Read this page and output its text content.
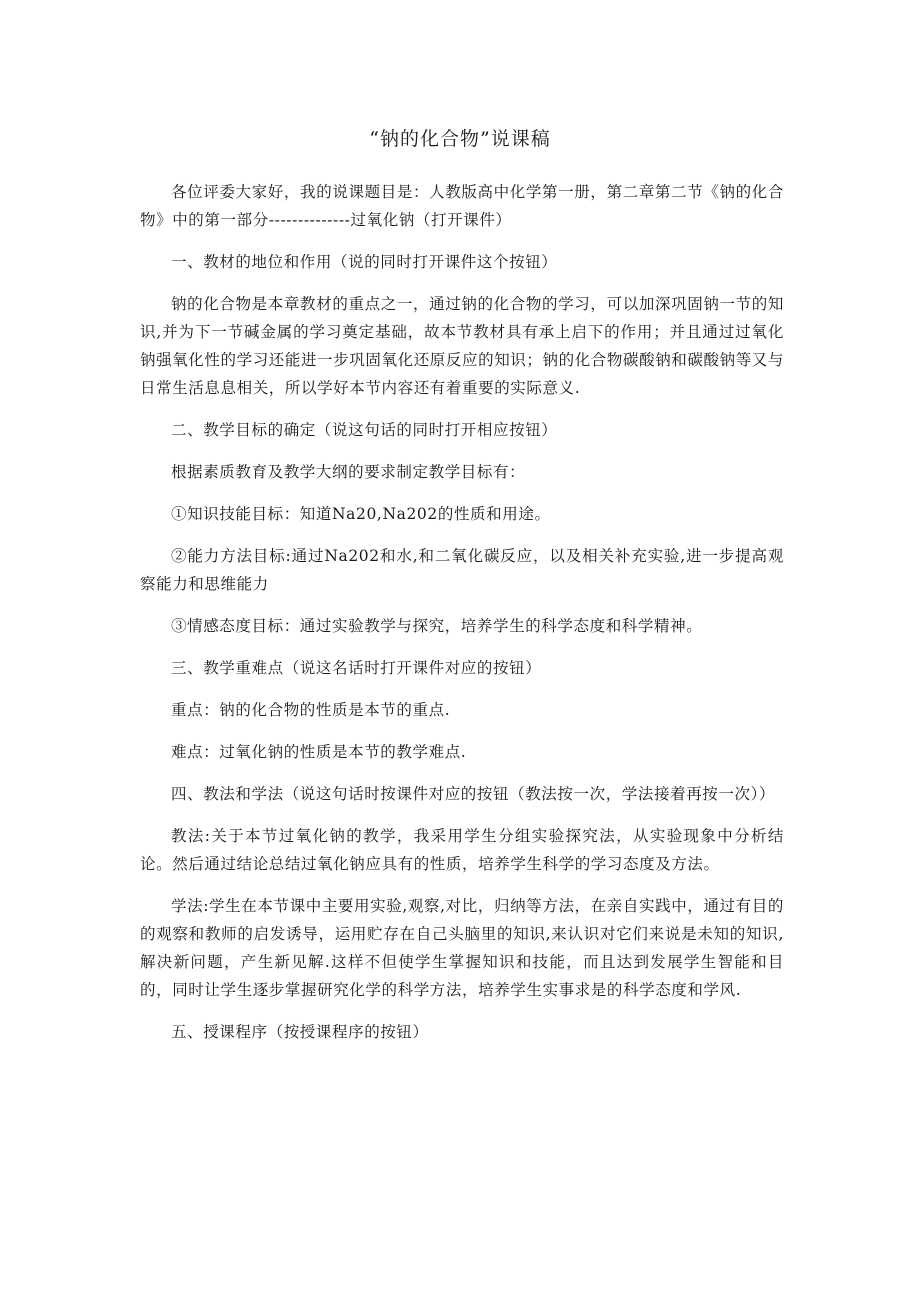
“钠的化合物”说课稿

各位评委大家好，我的说课题目是：人教版高中化学第一册，第二章第二节《钠的化合物》中的第一部分--------------过氧化钠（打开课件）

一、教材的地位和作用（说的同时打开课件这个按钮）

钠的化合物是本章教材的重点之一，通过钠的化合物的学习，可以加深巩固钠一节的知识,并为下一节碱金属的学习奠定基础，故本节教材具有承上启下的作用；并且通过过氧化钠强氧化性的学习还能进一步巩固氧化还原反应的知识；钠的化合物碳酸钠和碳酸钠等又与日常生活息息相关，所以学好本节内容还有着重要的实际意义.

二、教学目标的确定（说这句话的同时打开相应按钮）

根据素质教育及教学大纲的要求制定教学目标有：

①知识技能目标：知道Na20,Na202的性质和用途。

②能力方法目标:通过Na202和水,和二氧化碳反应，以及相关补充实验,进一步提高观察能力和思维能力

③情感态度目标：通过实验教学与探究，培养学生的科学态度和科学精神。

三、教学重难点（说这名话时打开课件对应的按钮）

重点：钠的化合物的性质是本节的重点.

难点：过氧化钠的性质是本节的教学难点.

四、教法和学法（说这句话时按课件对应的按钮（教法按一次，学法接着再按一次））

教法:关于本节过氧化钠的教学，我采用学生分组实验探究法，从实验现象中分析结论。然后通过结论总结过氧化钠应具有的性质，培养学生科学的学习态度及方法。

学法:学生在本节课中主要用实验,观察,对比，归纳等方法，在亲自实践中，通过有目的的观察和教师的启发诱导，运用贮存在自己头脑里的知识,来认识对它们来说是未知的知识,解决新问题，产生新见解.这样不但使学生掌握知识和技能，而且达到发展学生智能和目的，同时让学生逐步掌握研究化学的科学方法，培养学生实事求是的科学态度和学风.

五、授课程序（按授课程序的按钮）
